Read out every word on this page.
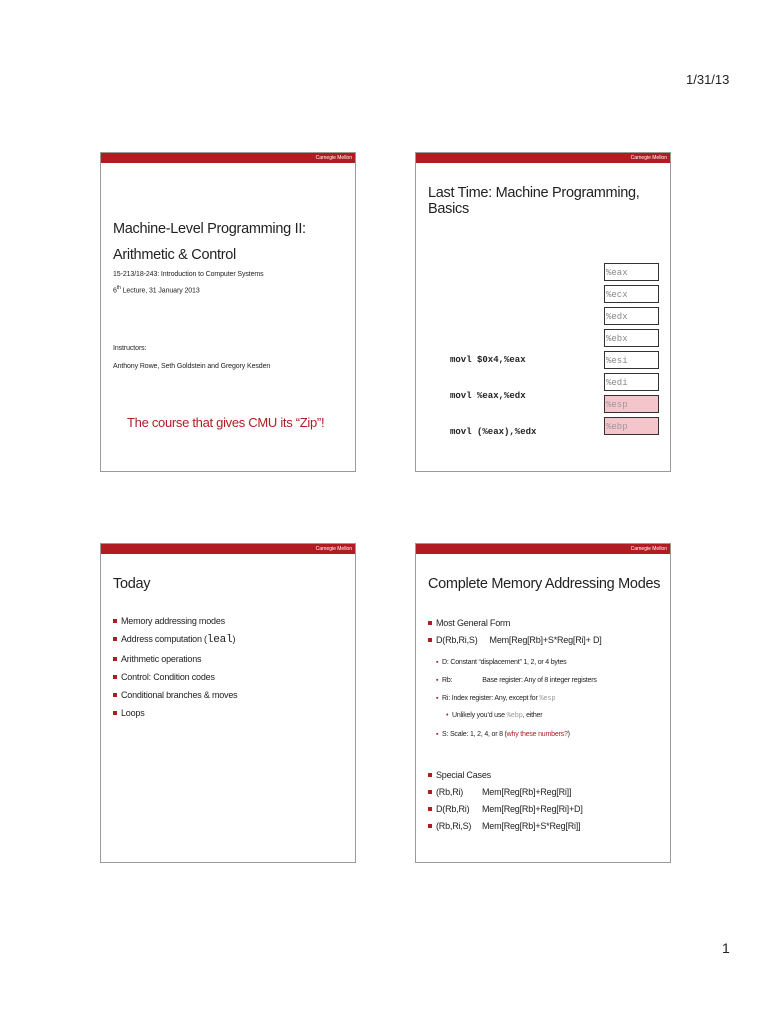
1/31/13
Carnegie Mellon
Machine-Level Programming II:
Arithmetic & Control
15-213/18-243: Introduction to Computer Systems
6th Lecture, 31 January 2013
Instructors:
Anthony Rowe, Seth Goldstein and Gregory Kesden
The course that gives CMU its “Zip”!
Carnegie Mellon
Last Time: Machine Programming, Basics
%eax
%ecx
%edx
%ebx
%esi
%edi
%esp
%ebp
movl $0x4,%eax
movl %eax,%edx
movl (%eax),%edx
Carnegie Mellon
Today
Memory addressing modes
Address computation (leal)
Arithmetic operations
Control: Condition codes
Conditional branches & moves
Loops
Carnegie Mellon
Complete Memory Addressing Modes
Most General Form
D(Rb,Ri,S) Mem[Reg[Rb]+S*Reg[Ri]+ D]
▪ D: Constant “displacement” 1, 2, or 4 bytes
▪ Rb:	Base register: Any of 8 integer registers
▪ Ri: Index register: Any, except for %esp
• Unlikely you’d use %ebp, either
▪ S: Scale: 1, 2, 4, or 8 (why these numbers?)
Special Cases
(Rb,Ri) Mem[Reg[Rb]+Reg[Ri]]
D(Rb,Ri) Mem[Reg[Rb]+Reg[Ri]+D]
(Rb,Ri,S) Mem[Reg[Rb]+S*Reg[Ri]]
1
